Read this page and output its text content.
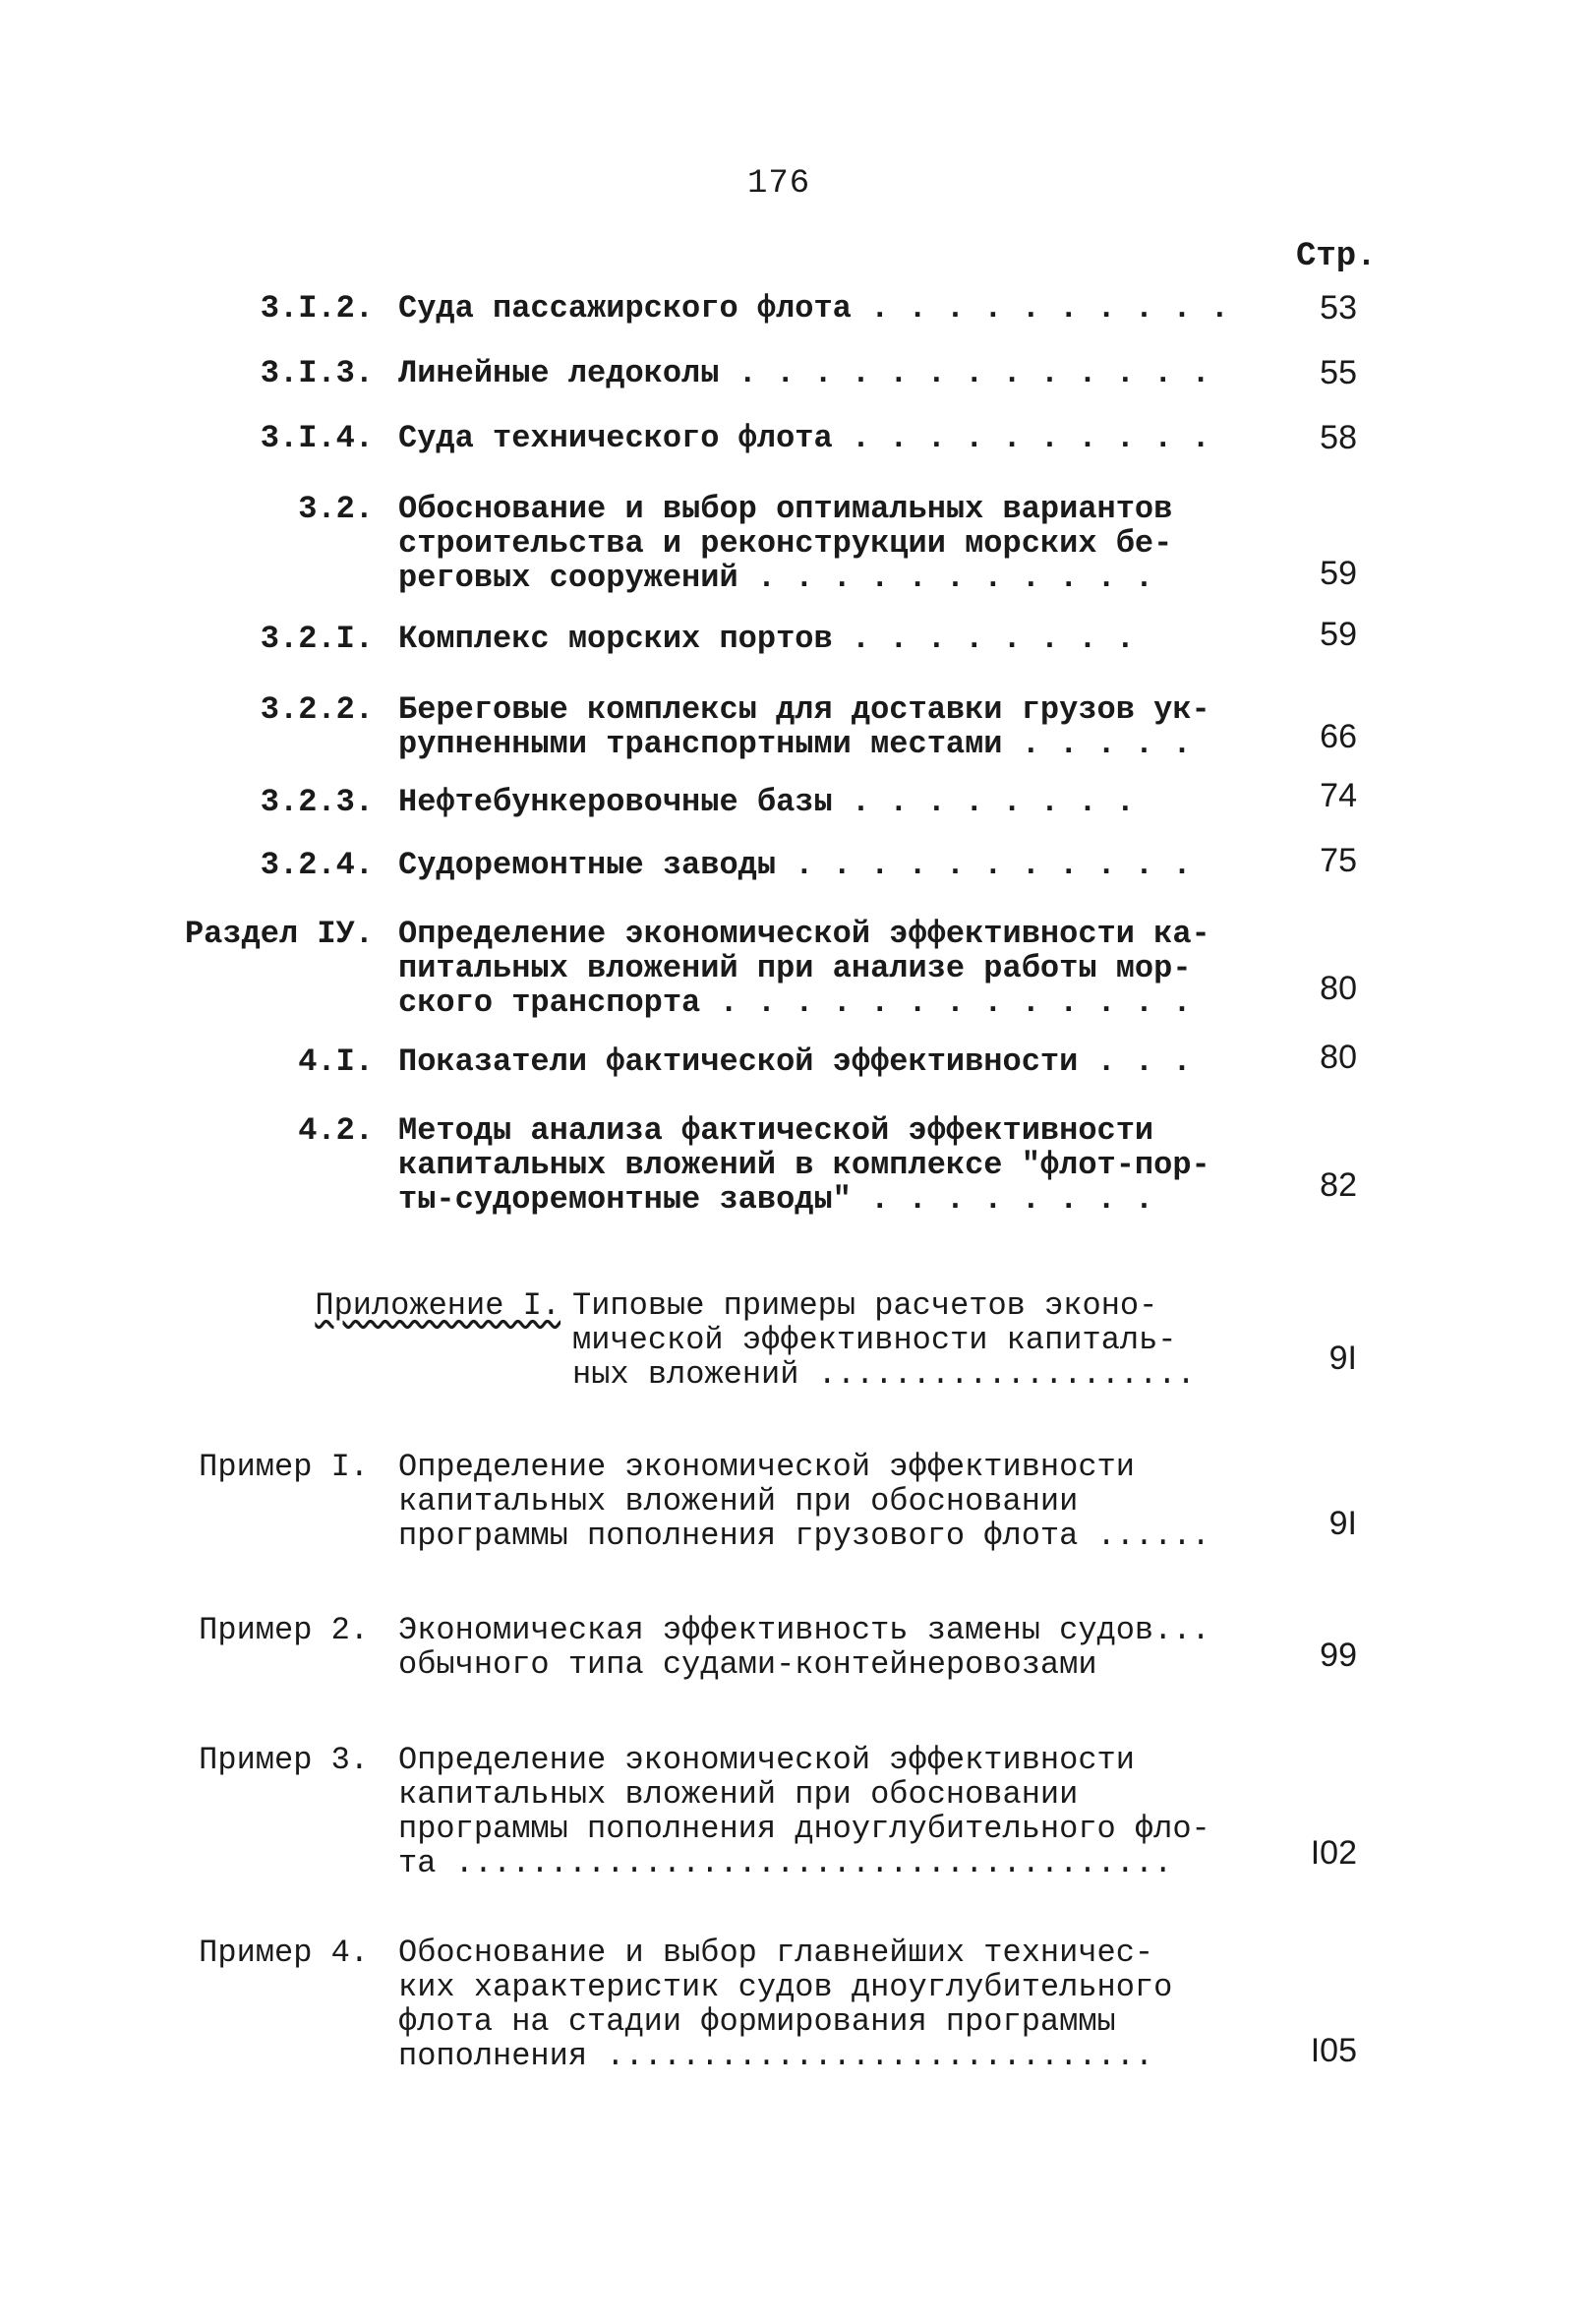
176
Стр.
3.I.2. Суда пассажирского флота . . . . . . . . . .	53
3.I.3. Линейные ледоколы . . . . . . . . . . . . .	55
3.I.4. Суда технического флота . . . . . . . . . .	58
3.2. Обоснование и выбор оптимальных вариантов
строительства и реконструкции морских бе-
реговых сооружений . . . . . . . . . . .	59
3.2.I. Комплекс морских портов . . . . . . . .	59
3.2.2. Береговые комплексы для доставки грузов ук-
рупненными транспортными местами . . . . .	66
3.2.3. Нефтебункеровочные базы . . . . . . . .	74
3.2.4. Судоремонтные заводы . . . . . . . . . . .	75
Раздел IУ. Определение экономической эффективности ка-
питальных вложений при анализе работы мор-
ского транспорта . . . . . . . . . . . . .	80
4.I. Показатели фактической эффективности . . .	80
4.2. Методы анализа фактической эффективности
капитальных вложений в комплексе "флот-пор-
ты-судоремонтные заводы" . . . . . . . .	82
Приложение I. Типовые примеры расчетов эконо-
мической эффективности капиталь-
ных вложений ....................	9I
Пример I. Определение экономической эффективности
капитальных вложений при обосновании
программы пополнения грузового флота ......	9I
Пример 2. Экономическая эффективность замены судов...
обычного типа судами-контейнеровозами	99
Пример 3. Определение экономической эффективности
капитальных вложений при обосновании
программы пополнения дноуглубительного фло-
та ......................................	I02
Пример 4. Обоснование и выбор главнейших техничес-
ких характеристик судов дноуглубительного
флота на стадии формирования программы
пополнения .............................	I05
